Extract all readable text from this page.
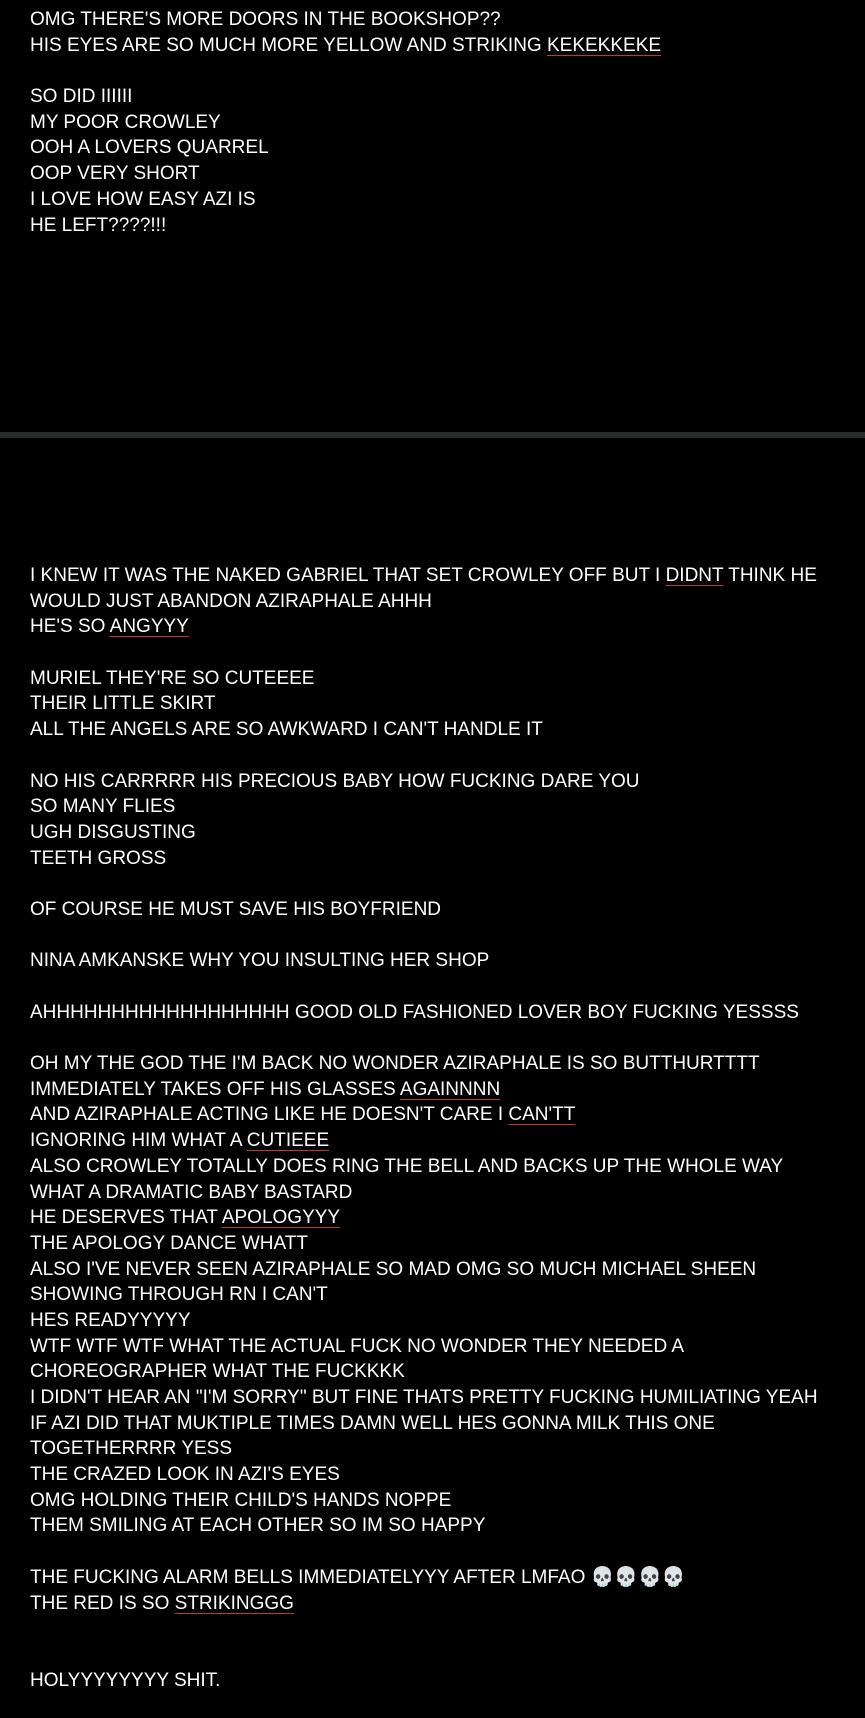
OMG THERE'S MORE DOORS IN THE BOOKSHOP??
HIS EYES ARE SO MUCH MORE YELLOW AND STRIKING KEKEKKEKE
SO DID IIIIII
MY POOR CROWLEY
OOH A LOVERS QUARREL
OOP VERY SHORT
I LOVE HOW EASY AZI IS
HE LEFT????!!!
I KNEW IT WAS THE NAKED GABRIEL THAT SET CROWLEY OFF BUT I DIDNT THINK HE
WOULD JUST ABANDON AZIRAPHALE AHHH
HE'S SO ANGYYY
MURIEL THEY'RE SO CUTEEEE
THEIR LITTLE SKIRT
ALL THE ANGELS ARE SO AWKWARD I CAN'T HANDLE IT
NO HIS CARRRRR HIS PRECIOUS BABY HOW FUCKING DARE YOU
SO MANY FLIES
UGH DISGUSTING
TEETH GROSS
OF COURSE HE MUST SAVE HIS BOYFRIEND
NINA AMKANSKE WHY YOU INSULTING HER SHOP
AHHHHHHHHHHHHHHHHHH GOOD OLD FASHIONED LOVER BOY FUCKING YESSSS
OH MY THE GOD THE I'M BACK NO WONDER AZIRAPHALE IS SO BUTTHURTTTT
IMMEDIATELY TAKES OFF HIS GLASSES AGAINNNN
AND AZIRAPHALE ACTING LIKE HE DOESN'T CARE I CAN'TT
IGNORING HIM WHAT A CUTIEEE
ALSO CROWLEY TOTALLY DOES RING THE BELL AND BACKS UP THE WHOLE WAY
WHAT A DRAMATIC BABY BASTARD
HE DESERVES THAT APOLOGYYY
THE APOLOGY DANCE WHATT
ALSO I'VE NEVER SEEN AZIRAPHALE SO MAD OMG SO MUCH MICHAEL SHEEN
SHOWING THROUGH RN I CAN'T
HES READYYYYY
WTF WTF WTF WHAT THE ACTUAL FUCK NO WONDER THEY NEEDED A
CHOREOGRAPHER WHAT THE FUCKKKK
I DIDN'T HEAR AN "I'M SORRY" BUT FINE THATS PRETTY FUCKING HUMILIATING YEAH
IF AZI DID THAT MUKTIPLE TIMES DAMN WELL HES GONNA MILK THIS ONE
TOGETHERRRR YESS
THE CRAZED LOOK IN AZI'S EYES
OMG HOLDING THEIR CHILD'S HANDS NOPPE
THEM SMILING AT EACH OTHER SO IM SO HAPPY
THE FUCKING ALARM BELLS IMMEDIATELYYY AFTER LMFAO 💀💀💀💀
THE RED IS SO STRIKINGGG
HOLYYYYYYYY SHIT.
